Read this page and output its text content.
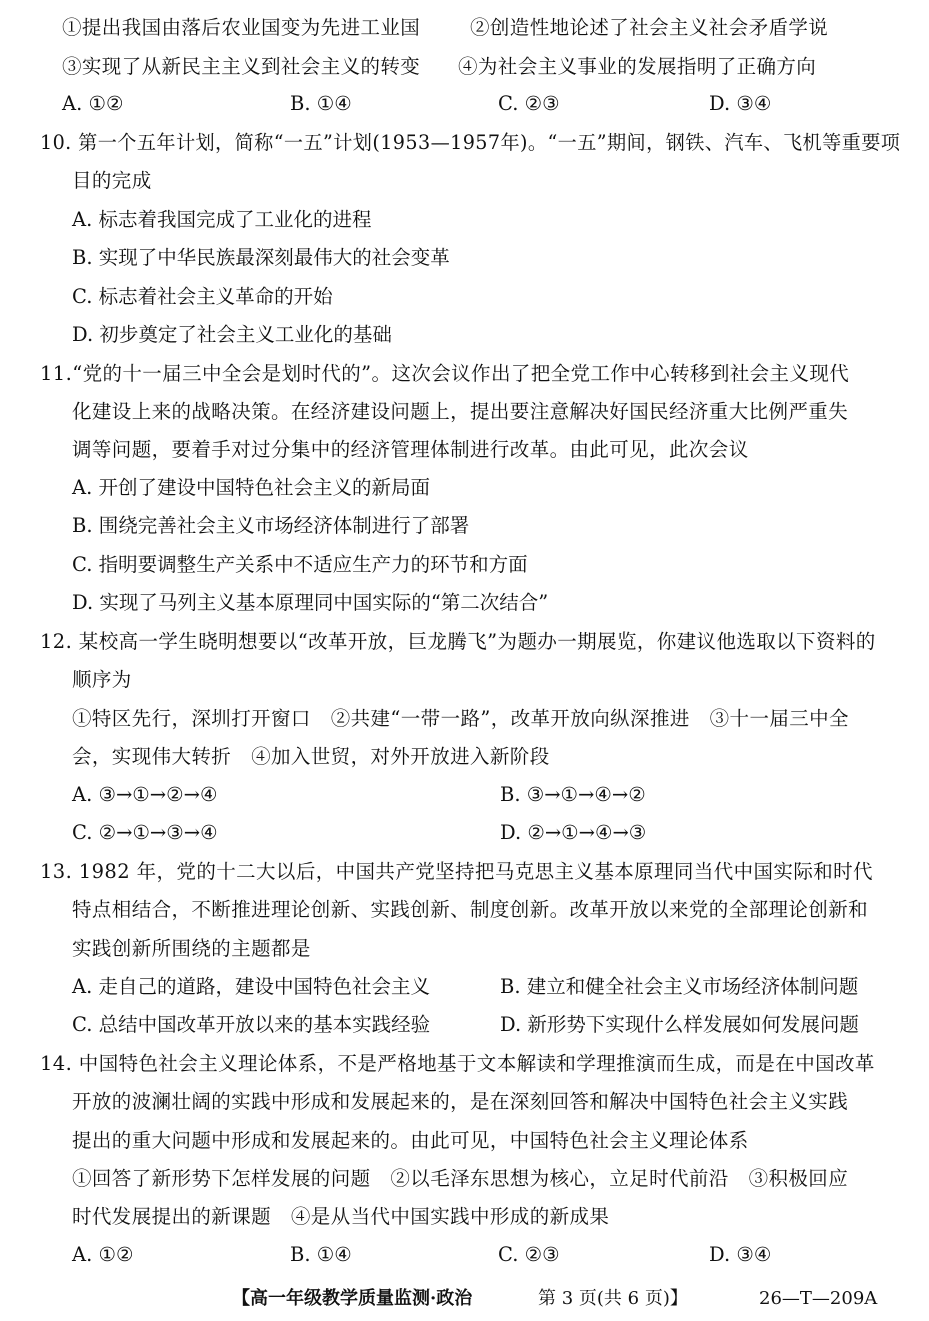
①提出我国由落后农业国变为先进工业国	②创造性地论述了社会主义社会矛盾学说
③实现了从新民主主义到社会主义的转变 ④为社会主义事业的发展指明了正确方向
A. ①②	B. ①④	C. ②③	D. ③④
10. 第一个五年计划，简称“一五”计划(1953—1957年)。“一五”期间，钢铁、汽车、飞机等重要项
目的完成
A. 标志着我国完成了工业化的进程
B. 实现了中华民族最深刻最伟大的社会变革
C. 标志着社会主义革命的开始
D. 初步奠定了社会主义工业化的基础
11.“党的十一届三中全会是划时代的”。这次会议作出了把全党工作中心转移到社会主义现代
化建设上来的战略决策。在经济建设问题上，提出要注意解决好国民经济重大比例严重失
调等问题，要着手对过分集中的经济管理体制进行改革。由此可见，此次会议
A. 开创了建设中国特色社会主义的新局面
B. 围绕完善社会主义市场经济体制进行了部署
C. 指明要调整生产关系中不适应生产力的环节和方面
D. 实现了马列主义基本原理同中国实际的“第二次结合”
12. 某校高一学生晓明想要以“改革开放，巨龙腾飞”为题办一期展览，你建议他选取以下资料的
顺序为
①特区先行，深圳打开窗口　②共建“一带一路”，改革开放向纵深推进　③十一届三中全
会，实现伟大转折　④加入世贸，对外开放进入新阶段
A. ③→①→②→④	B. ③→①→④→②
C. ②→①→③→④	D. ②→①→④→③
13. 1982 年，党的十二大以后，中国共产党坚持把马克思主义基本原理同当代中国实际和时代
特点相结合，不断推进理论创新、实践创新、制度创新。改革开放以来党的全部理论创新和
实践创新所围绕的主题都是
A. 走自己的道路，建设中国特色社会主义	B. 建立和健全社会主义市场经济体制问题
C. 总结中国改革开放以来的基本实践经验	D. 新形势下实现什么样发展如何发展问题
14. 中国特色社会主义理论体系，不是严格地基于文本解读和学理推演而生成，而是在中国改革
开放的波澜壮阔的实践中形成和发展起来的，是在深刻回答和解决中国特色社会主义实践
提出的重大问题中形成和发展起来的。由此可见，中国特色社会主义理论体系
①回答了新形势下怎样发展的问题　②以毛泽东思想为核心，立足时代前沿　③积极回应
时代发展提出的新课题　④是从当代中国实践中形成的新成果
A. ①②	B. ①④	C. ②③	D. ③④
【高一年级教学质量监测·政治	第 3 页(共 6 页)】	26—T—209A
